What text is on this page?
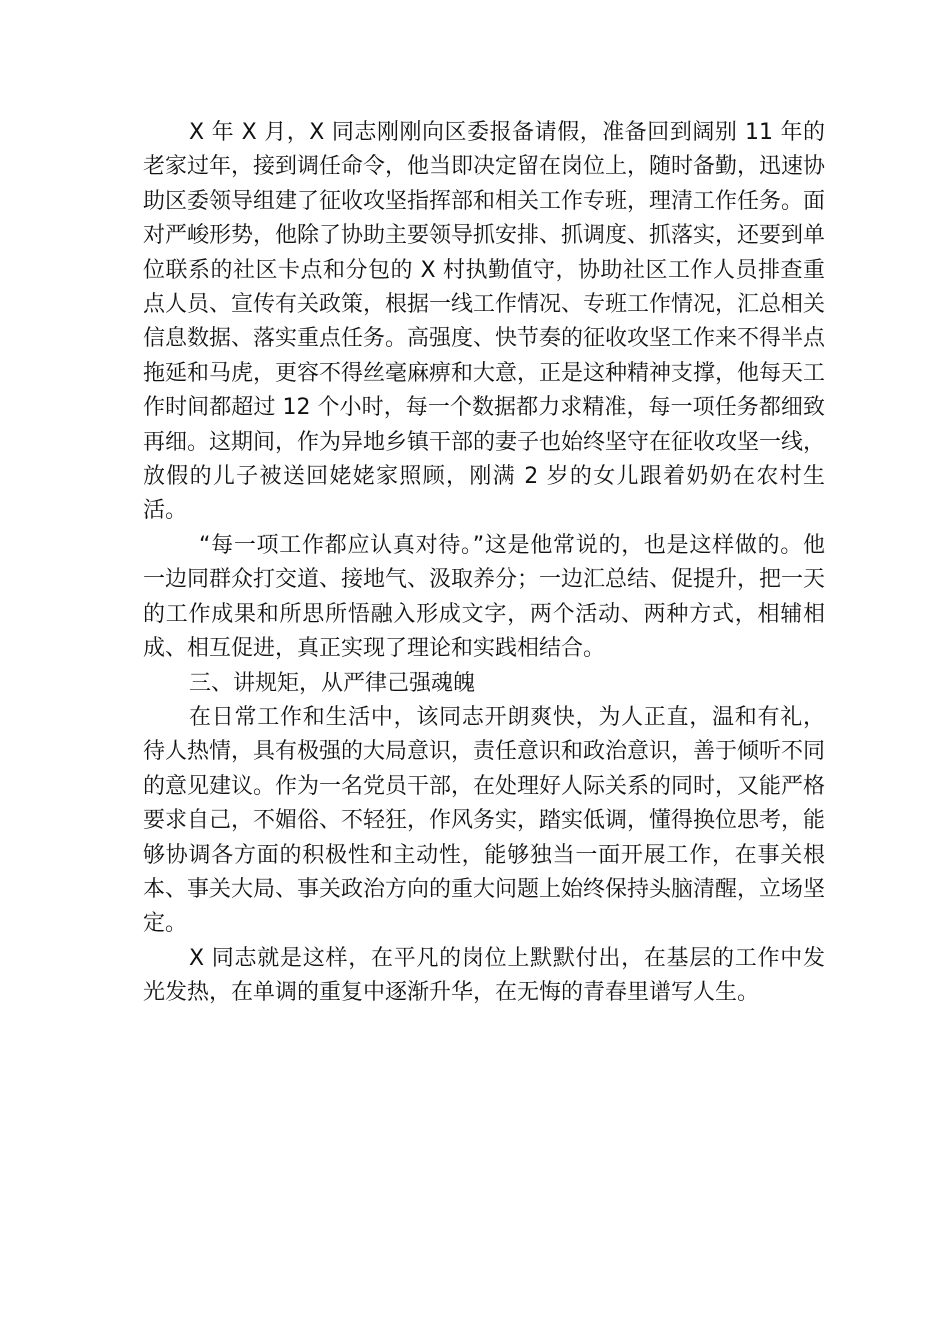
X 年 X 月，X 同志刚刚向区委报备请假，准备回到阔别 11 年的老家过年，接到调任命令，他当即决定留在岗位上，随时备勤，迅速协助区委领导组建了征收攻坚指挥部和相关工作专班，理清工作任务。面对严峻形势，他除了协助主要领导抓安排、抓调度、抓落实，还要到单位联系的社区卡点和分包的 X 村执勤值守，协助社区工作人员排查重点人员、宣传有关政策，根据一线工作情况、专班工作情况，汇总相关信息数据、落实重点任务。高强度、快节奏的征收攻坚工作来不得半点拖延和马虎，更容不得丝毫麻痹和大意，正是这种精神支撑，他每天工作时间都超过 12 个小时，每一个数据都力求精准，每一项任务都细致再细。这期间，作为异地乡镇干部的妻子也始终坚守在征收攻坚一线，放假的儿子被送回姥姥家照顾，刚满 2 岁的女儿跟着奶奶在农村生活。

“每一项工作都应认真对待。”这是他常说的，也是这样做的。他一边同群众打交道、接地气、汲取养分；一边汇总结、促提升，把一天的工作成果和所思所悟融入形成文字，两个活动、两种方式，相辅相成、相互促进，真正实现了理论和实践相结合。

三、讲规矩，从严律己强魂魄

在日常工作和生活中，该同志开朗爽快，为人正直，温和有礼，待人热情，具有极强的大局意识，责任意识和政治意识，善于倾听不同的意见建议。作为一名党员干部，在处理好人际关系的同时，又能严格要求自己，不媚俗、不轻狂，作风务实，踏实低调，懂得换位思考，能够协调各方面的积极性和主动性，能够独当一面开展工作，在事关根本、事关大局、事关政治方向的重大问题上始终保持头脑清醒，立场坚定。

X 同志就是这样，在平凡的岗位上默默付出，在基层的工作中发光发热，在单调的重复中逐渐升华，在无悔的青春里谱写人生。
